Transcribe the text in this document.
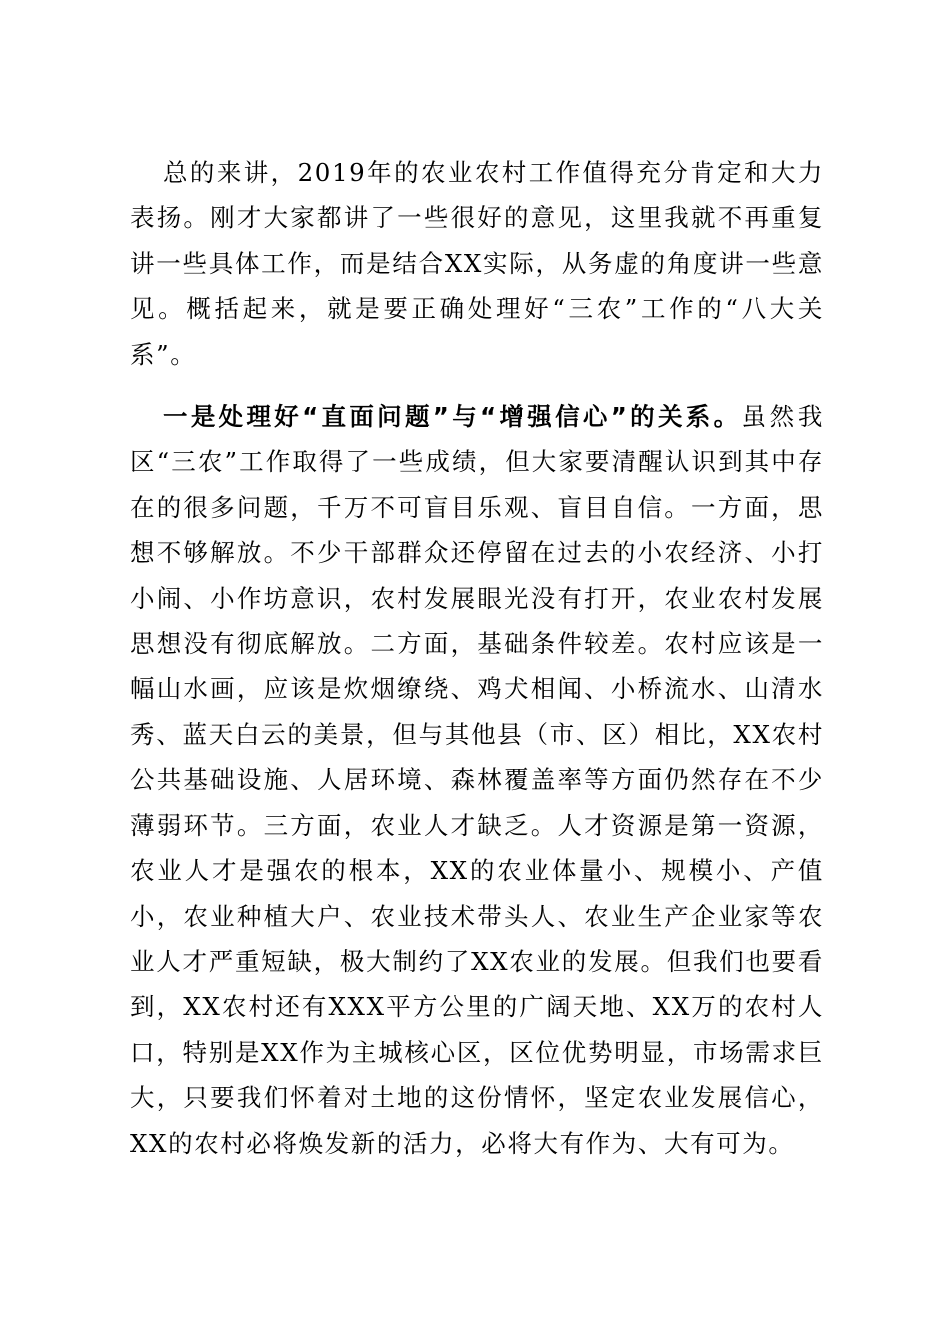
总的来讲，2019年的农业农村工作值得充分肯定和大力表扬。刚才大家都讲了一些很好的意见，这里我就不再重复讲一些具体工作，而是结合XX实际，从务虚的角度讲一些意见。概括起来，就是要正确处理好“三农”工作的“八大关系”。

一是处理好“直面问题”与“增强信心”的关系。虽然我区“三农”工作取得了一些成绩，但大家要清醒认识到其中存在的很多问题，千万不可盲目乐观、盲目自信。一方面，思想不够解放。不少干部群众还停留在过去的小农经济、小打小闹、小作坊意识，农村发展眼光没有打开，农业农村发展思想没有彻底解放。二方面，基础条件较差。农村应该是一幅山水画，应该是炊烟缭绕、鸡犬相闻、小桥流水、山清水秀、蓝天白云的美景，但与其他县（市、区）相比，XX农村公共基础设施、人居环境、森林覆盖率等方面仍然存在不少薄弱环节。三方面，农业人才缺乏。人才资源是第一资源，农业人才是强农的根本，XX的农业体量小、规模小、产值小，农业种植大户、农业技术带头人、农业生产企业家等农业人才严重短缺，极大制约了XX农业的发展。但我们也要看到，XX农村还有XXX平方公里的广阔天地、XX万的农村人口，特别是XX作为主城核心区，区位优势明显，市场需求巨大，只要我们怀着对土地的这份情怀，坚定农业发展信心，XX的农村必将焕发新的活力，必将大有作为、大有可为。
